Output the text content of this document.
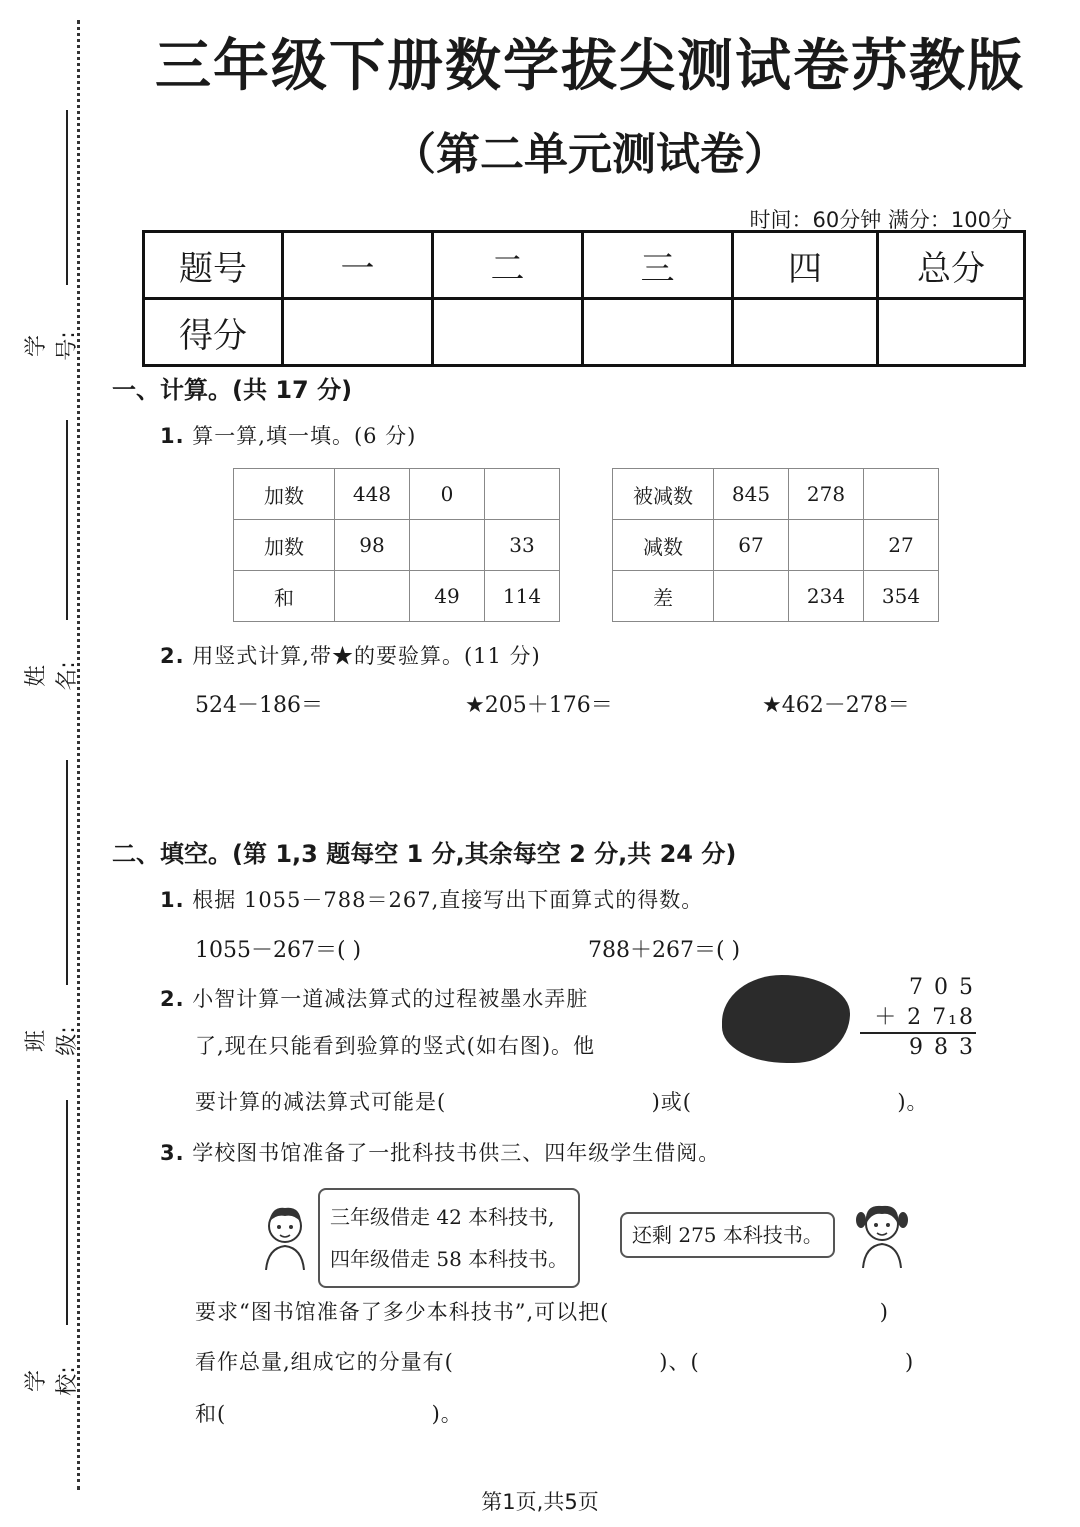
学号:
姓名:
班级:
学校:
三年级下册数学拔尖测试卷苏教版
（第二单元测试卷）
时间：60分钟 满分：100分
题号	一	二	三	四	总分
得分					
一、计算。(共 17 分)
1. 算一算,填一填。(6 分)
加数	448	0	
加数	98		33
和		49	114
被减数	845	278	
减数	67		27
差		234	354
2. 用竖式计算,带★的要验算。(11 分)
524－186＝	★205＋176＝	★462－278＝
二、填空。(第 1,3 题每空 1 分,其余每空 2 分,共 24 分)
1. 根据 1055－788＝267,直接写出下面算式的得数。
1055－267＝( )	788＋267＝( )
2. 小智计算一道减法算式的过程被墨水弄脏
了,现在只能看到验算的竖式(如右图)。他
要计算的减法算式可能是(	)或(	)。
7 0 5
＋ 2 7₁8
9 8 3
3. 学校图书馆准备了一批科技书供三、四年级学生借阅。
三年级借走 42 本科技书,
四年级借走 58 本科技书。
还剩 275 本科技书。
要求“图书馆准备了多少本科技书”,可以把(	)
看作总量,组成它的分量有(	)、(	)
和(	)。
第1页,共5页
